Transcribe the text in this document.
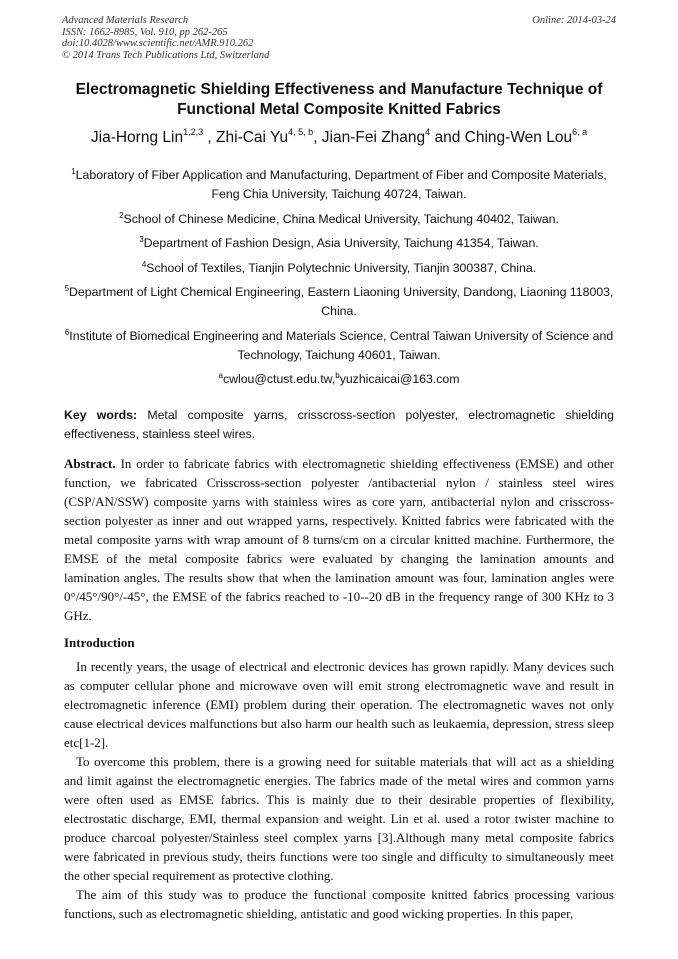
Advanced Materials Research
ISSN: 1662-8985, Vol. 910, pp 262-265
doi:10.4028/www.scientific.net/AMR.910.262
© 2014 Trans Tech Publications Ltd, Switzerland
Online: 2014-03-24
Electromagnetic Shielding Effectiveness and Manufacture Technique of
Functional Metal Composite Knitted Fabrics
Jia-Horng Lin$^{1,2,3}$ , Zhi-Cai Yu$^{4, 5, b}$, Jian-Fei Zhang$^4$ and Ching-Wen Lou$^{6, a}$
$^1$Laboratory of Fiber Application and Manufacturing, Department of Fiber and Composite Materials, Feng Chia University, Taichung 40724, Taiwan.
$^2$School of Chinese Medicine, China Medical University, Taichung 40402, Taiwan.
$^3$Department of Fashion Design, Asia University, Taichung 41354, Taiwan.
$^4$School of Textiles, Tianjin Polytechnic University, Tianjin 300387, China.
$^5$Department of Light Chemical Engineering, Eastern Liaoning University, Dandong, Liaoning 118003, China.
$^6$Institute of Biomedical Engineering and Materials Science, Central Taiwan University of Science and Technology, Taichung 40601, Taiwan.
$^a$cwlou@ctust.edu.tw,$^b$yuzhicaicai@163.com
Key words: Metal composite yarns, crisscross-section polyester, electromagnetic shielding effectiveness, stainless steel wires.
Abstract. In order to fabricate fabrics with electromagnetic shielding effectiveness (EMSE) and other function, we fabricated Crisscross-section polyester /antibacterial nylon / stainless steel wires (CSP/AN/SSW) composite yarns with stainless wires as core yarn, antibacterial nylon and crisscross-section polyester as inner and out wrapped yarns, respectively. Knitted fabrics were fabricated with the metal composite yarns with wrap amount of 8 turns/cm on a circular knitted machine. Furthermore, the EMSE of the metal composite fabrics were evaluated by changing the lamination amounts and lamination angles. The results show that when the lamination amount was four, lamination angles were 0°/45°/90°/-45°, the EMSE of the fabrics reached to -10--20 dB in the frequency range of 300 KHz to 3 GHz.
Introduction

In recently years, the usage of electrical and electronic devices has grown rapidly. Many devices such as computer cellular phone and microwave oven will emit strong electromagnetic wave and result in electromagnetic inference (EMI) problem during their operation. The electromagnetic waves not only cause electrical devices malfunctions but also harm our health such as leukaemia, depression, stress sleep etc[1-2].

To overcome this problem, there is a growing need for suitable materials that will act as a shielding and limit against the electromagnetic energies. The fabrics made of the metal wires and common yarns were often used as EMSE fabrics. This is mainly due to their desirable properties of flexibility, electrostatic discharge, EMI, thermal expansion and weight. Lin et al. used a rotor twister machine to produce charcoal polyester/Stainless steel complex yarns [3].Although many metal composite fabrics were fabricated in previous study, theirs functions were too single and difficulty to simultaneously meet the other special requirement as protective clothing.

The aim of this study was to produce the functional composite knitted fabrics processing various functions, such as electromagnetic shielding, antistatic and good wicking properties. In this paper,
